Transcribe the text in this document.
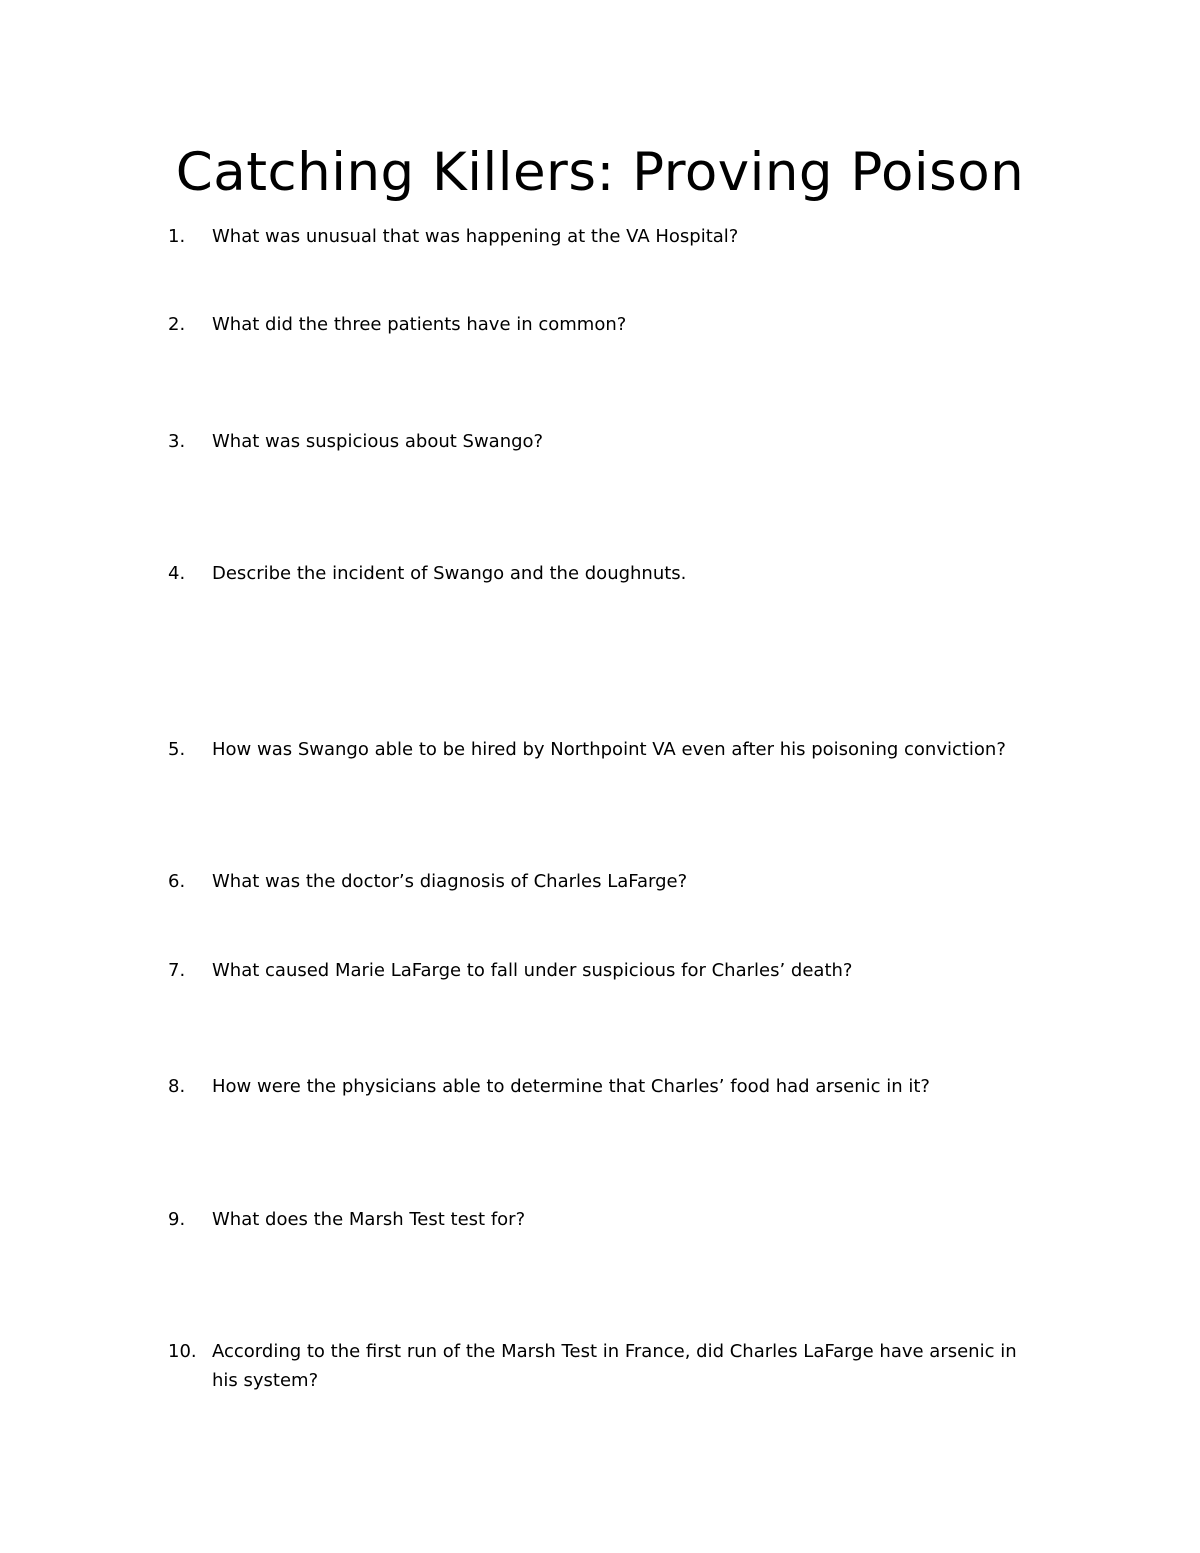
Catching Killers: Proving Poison
1.	What was unusual that was happening at the VA Hospital?
2.	What did the three patients have in common?
3.	What was suspicious about Swango?
4.	Describe the incident of Swango and the doughnuts.
5.	How was Swango able to be hired by Northpoint VA even after his poisoning conviction?
6.	What was the doctor’s diagnosis of Charles LaFarge?
7.	What caused Marie LaFarge to fall under suspicious for Charles’ death?
8.	How were the physicians able to determine that Charles’ food had arsenic in it?
9.	What does the Marsh Test test for?
10. According to the first run of the Marsh Test in France, did Charles LaFarge have arsenic in his system?
